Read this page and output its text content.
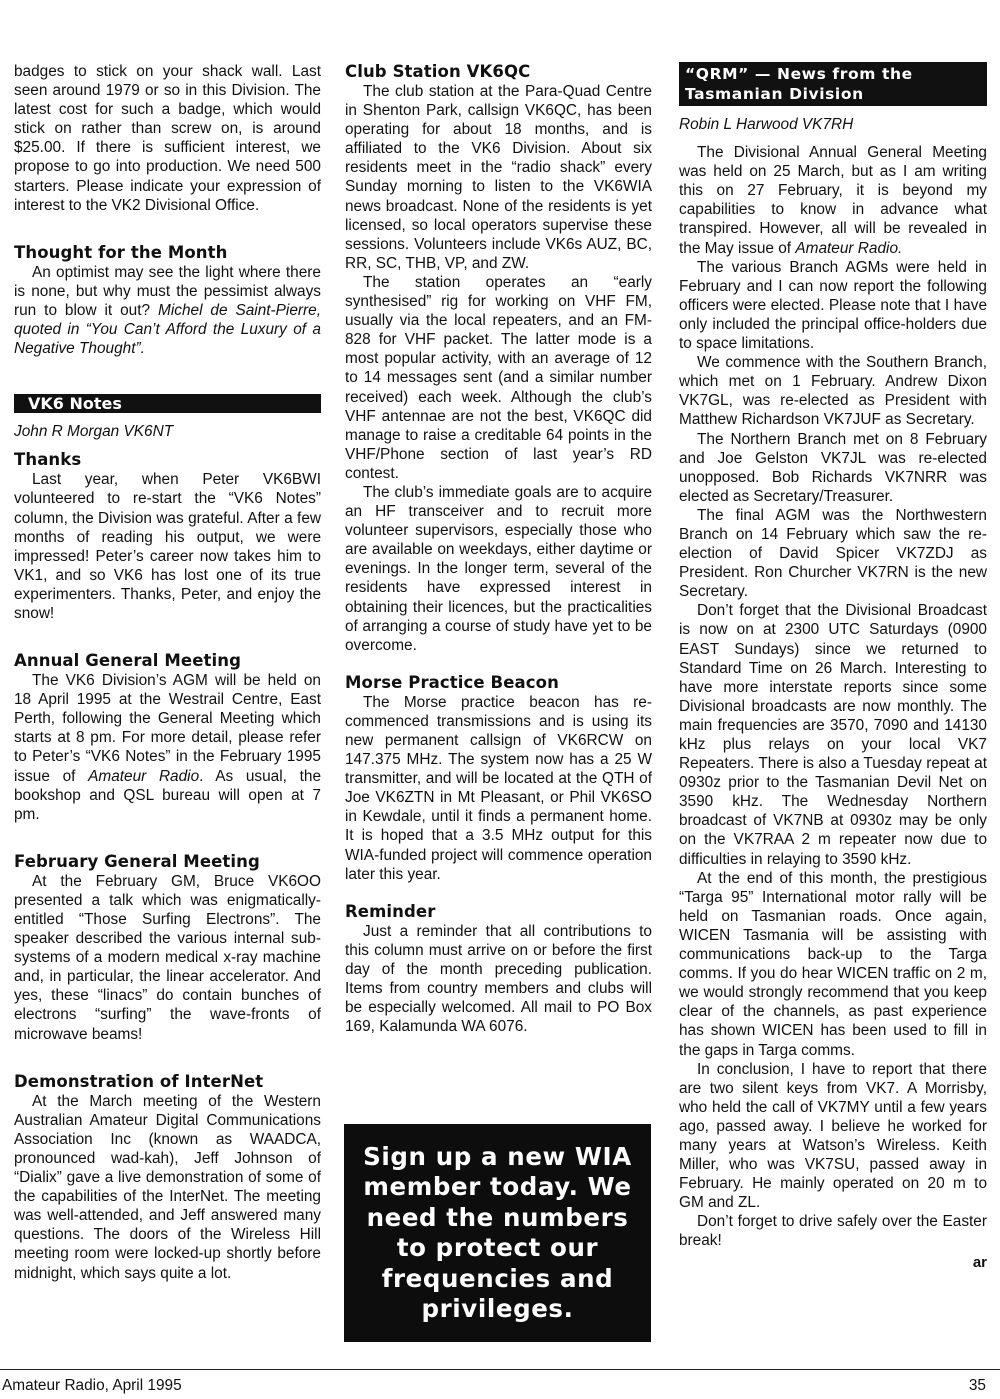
badges to stick on your shack wall. Last seen around 1979 or so in this Division. The latest cost for such a badge, which would stick on rather than screw on, is around $25.00. If there is sufficient interest, we propose to go into production. We need 500 starters. Please indicate your expression of interest to the VK2 Divisional Office.

Thought for the Month

An optimist may see the light where there is none, but why must the pessimist always run to blow it out? Michel de Saint-Pierre, quoted in “You Can’t Afford the Luxury of a Negative Thought”.

VK6 Notes

John R Morgan VK6NT

Thanks

Last year, when Peter VK6BWI volunteered to re-start the “VK6 Notes” column, the Division was grateful. After a few months of reading his output, we were impressed! Peter’s career now takes him to VK1, and so VK6 has lost one of its true experimenters. Thanks, Peter, and enjoy the snow!

Annual General Meeting

The VK6 Division’s AGM will be held on 18 April 1995 at the Westrail Centre, East Perth, following the General Meeting which starts at 8 pm. For more detail, please refer to Peter’s “VK6 Notes” in the February 1995 issue of Amateur Radio. As usual, the bookshop and QSL bureau will open at 7 pm.

February General Meeting

At the February GM, Bruce VK6OO presented a talk which was enigmatically-entitled “Those Surfing Electrons”. The speaker described the various internal sub-systems of a modern medical x-ray machine and, in particular, the linear accelerator. And yes, these “linacs” do contain bunches of electrons “surfing” the wave-fronts of microwave beams!

Demonstration of InterNet

At the March meeting of the Western Australian Amateur Digital Communications Association Inc (known as WAADCA, pronounced wad-kah), Jeff Johnson of “Dialix” gave a live demonstration of some of the capabilities of the InterNet. The meeting was well-attended, and Jeff answered many questions. The doors of the Wireless Hill meeting room were locked-up shortly before midnight, which says quite a lot.

Club Station VK6QC

The club station at the Para-Quad Centre in Shenton Park, callsign VK6QC, has been operating for about 18 months, and is affiliated to the VK6 Division. About six residents meet in the “radio shack” every Sunday morning to listen to the VK6WIA news broadcast. None of the residents is yet licensed, so local operators supervise these sessions. Volunteers include VK6s AUZ, BC, RR, SC, THB, VP, and ZW.

The station operates an “early synthesised” rig for working on VHF FM, usually via the local repeaters, and an FM-828 for VHF packet. The latter mode is a most popular activity, with an average of 12 to 14 messages sent (and a similar number received) each week. Although the club’s VHF antennae are not the best, VK6QC did manage to raise a creditable 64 points in the VHF/Phone section of last year’s RD contest.

The club’s immediate goals are to acquire an HF transceiver and to recruit more volunteer supervisors, especially those who are available on weekdays, either daytime or evenings. In the longer term, several of the residents have expressed interest in obtaining their licences, but the practicalities of arranging a course of study have yet to be overcome.

Morse Practice Beacon

The Morse practice beacon has re-commenced transmissions and is using its new permanent callsign of VK6RCW on 147.375 MHz. The system now has a 25 W transmitter, and will be located at the QTH of Joe VK6ZTN in Mt Pleasant, or Phil VK6SO in Kewdale, until it finds a permanent home. It is hoped that a 3.5 MHz output for this WIA-funded project will commence operation later this year.

Reminder

Just a reminder that all contributions to this column must arrive on or before the first day of the month preceding publication. Items from country members and clubs will be especially welcomed. All mail to PO Box 169, Kalamunda WA 6076.

Sign up a new WIA member today. We need the numbers to protect our frequencies and privileges.
“QRM” — News from the Tasmanian Division

Robin L Harwood VK7RH

The Divisional Annual General Meeting was held on 25 March, but as I am writing this on 27 February, it is beyond my capabilities to know in advance what transpired. However, all will be revealed in the May issue of Amateur Radio.

The various Branch AGMs were held in February and I can now report the following officers were elected. Please note that I have only included the principal office-holders due to space limitations.

We commence with the Southern Branch, which met on 1 February. Andrew Dixon VK7GL, was re-elected as President with Matthew Richardson VK7JUF as Secretary.

The Northern Branch met on 8 February and Joe Gelston VK7JL was re-elected unopposed. Bob Richards VK7NRR was elected as Secretary/Treasurer.

The final AGM was the Northwestern Branch on 14 February which saw the re-election of David Spicer VK7ZDJ as President. Ron Churcher VK7RN is the new Secretary.

Don’t forget that the Divisional Broadcast is now on at 2300 UTC Saturdays (0900 EAST Sundays) since we returned to Standard Time on 26 March. Interesting to have more interstate reports since some Divisional broadcasts are now monthly. The main frequencies are 3570, 7090 and 14130 kHz plus relays on your local VK7 Repeaters. There is also a Tuesday repeat at 0930z prior to the Tasmanian Devil Net on 3590 kHz. The Wednesday Northern broadcast of VK7NB at 0930z may be only on the VK7RAA 2 m repeater now due to difficulties in relaying to 3590 kHz.

At the end of this month, the prestigious “Targa 95” International motor rally will be held on Tasmanian roads. Once again, WICEN Tasmania will be assisting with communications back-up to the Targa comms. If you do hear WICEN traffic on 2 m, we would strongly recommend that you keep clear of the channels, as past experience has shown WICEN has been used to fill in the gaps in Targa comms.

In conclusion, I have to report that there are two silent keys from VK7. A Morrisby, who held the call of VK7MY until a few years ago, passed away. I believe he worked for many years at Watson’s Wireless. Keith Miller, who was VK7SU, passed away in February. He mainly operated on 20 m to GM and ZL.

Don’t forget to drive safely over the Easter break!

ar

Amateur Radio, April 1995	35
